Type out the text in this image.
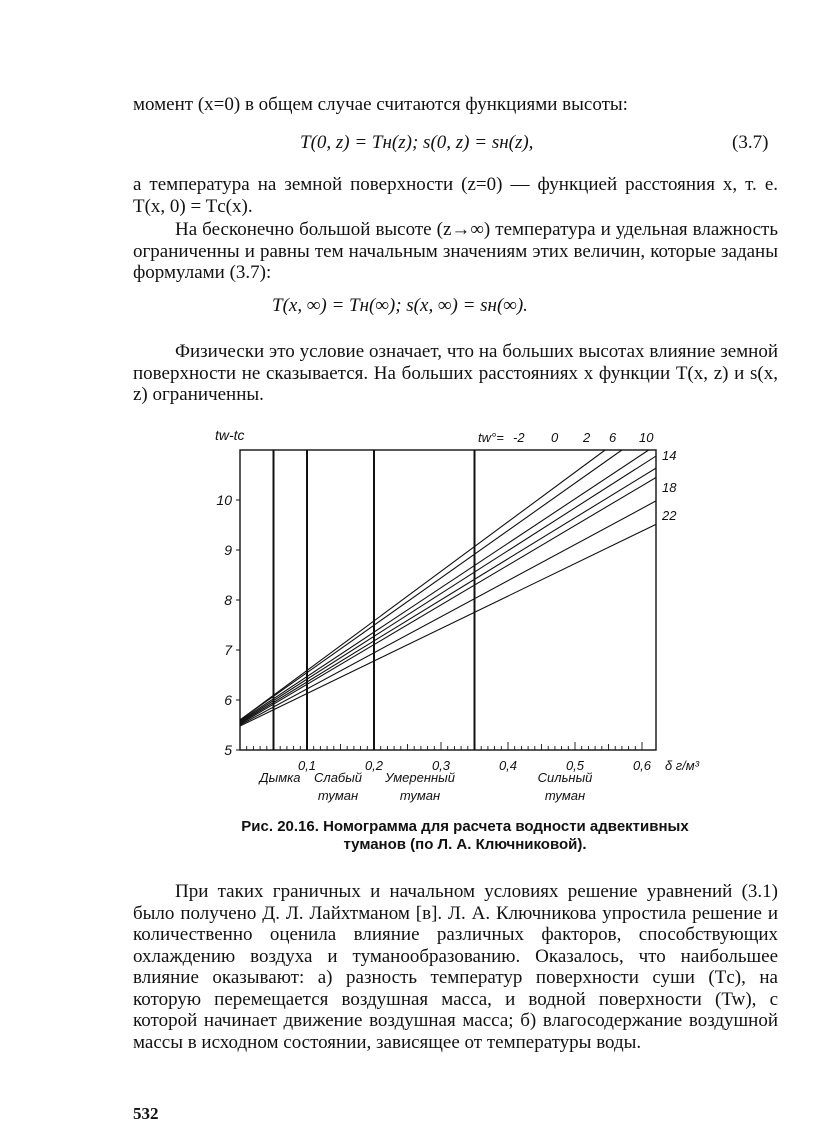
момент (x=0) в общем случае считаются функциями высоты:

T(0, z) = Tн(z); s(0, z) = sн(z),	(3.7)

а температура на земной поверхности (z=0) — функцией расстояния x, т. е. T(x, 0) = Tс(x).

На бесконечно большой высоте (z→∞) температура и удельная влажность ограниченны и равны тем начальным значениям этих величин, которые заданы формулами (3.7):

T(x, ∞) = Tн(∞); s(x, ∞) = sн(∞).

Физически это условие означает, что на больших высотах влияние земной поверхности не сказывается. На больших расстояниях x функции T(x, z) и s(x, z) ограниченны.

5
6
7
8
9
10
0,1	0,2	0,3	0,4	0,5	0,6 δ г/м³
tw-tc	tw°= -2 0 2 6 10
14
18
22
Дымка Слабый
туман
Умеренный
туман
Сильный
туман
Рис. 20.16. Номограмма для расчета водности адвективных
туманов (по Л. А. Ключниковой).

При таких граничных и начальном условиях решение уравнений (3.1) было получено Д. Л. Лайхтманом [в]. Л. А. Ключникова упростила решение и количественно оценила влияние различных факторов, способствующих охлаждению воздуха и туманообразованию. Оказалось, что наибольшее влияние оказывают: а) разность температур поверхности суши (Tс), на которую перемещается воздушная масса, и водной поверхности (Tw), с которой начинает движение воздушная масса; б) влагосодержание воздушной массы в исходном состоянии, зависящее от температуры воды.

532
